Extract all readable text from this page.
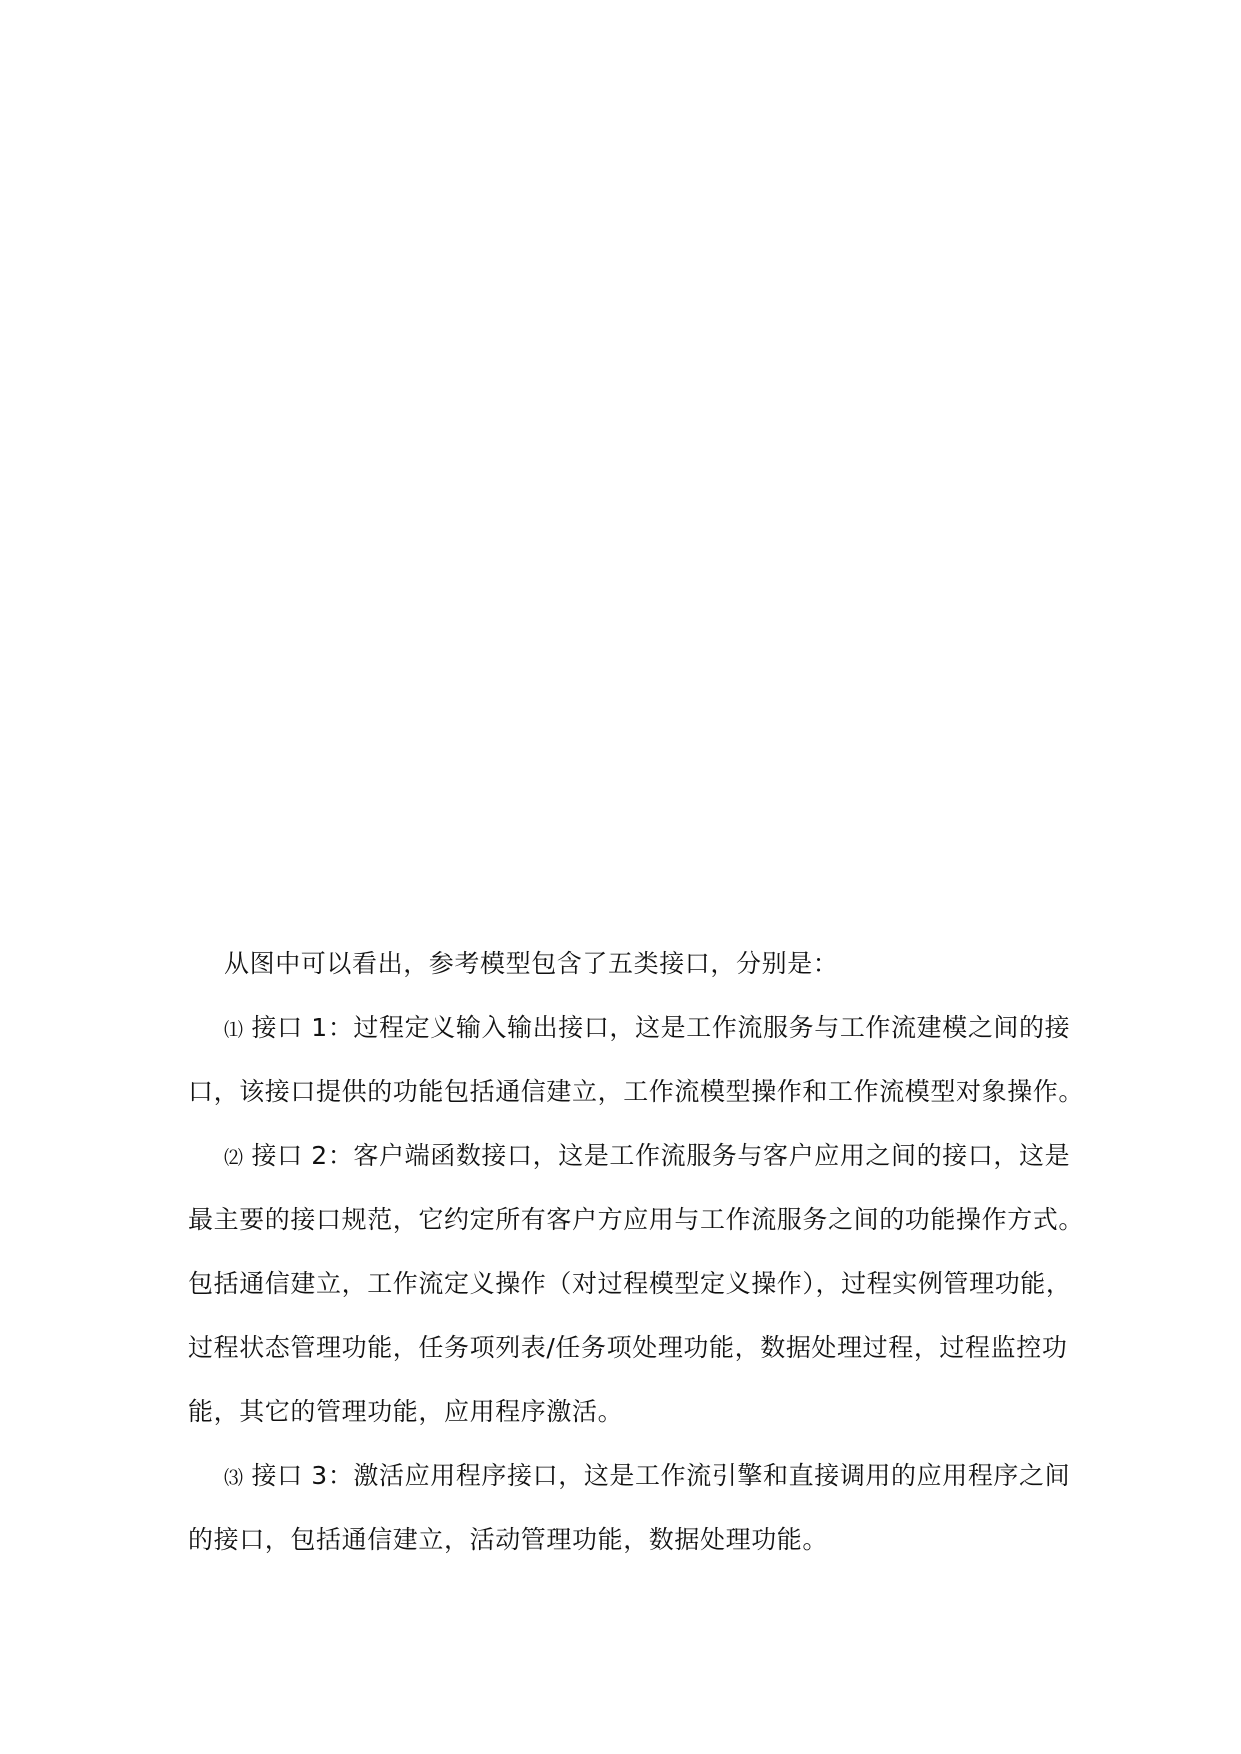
从图中可以看出，参考模型包含了五类接口，分别是：
⑴ 接口 1：过程定义输入输出接口，这是工作流服务与工作流建模之间的接
口，该接口提供的功能包括通信建立，工作流模型操作和工作流模型对象操作。
⑵ 接口 2：客户端函数接口，这是工作流服务与客户应用之间的接口，这是
最主要的接口规范，它约定所有客户方应用与工作流服务之间的功能操作方式。
包括通信建立，工作流定义操作（对过程模型定义操作），过程实例管理功能，
过程状态管理功能，任务项列表/任务项处理功能，数据处理过程，过程监控功
能，其它的管理功能，应用程序激活。
⑶ 接口 3：激活应用程序接口，这是工作流引擎和直接调用的应用程序之间
的接口，包括通信建立，活动管理功能，数据处理功能。
